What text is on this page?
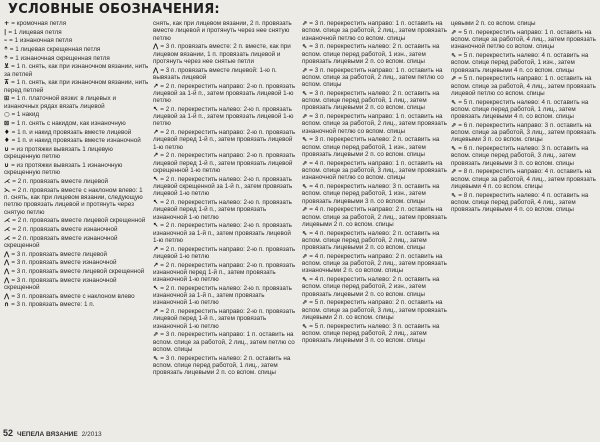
УСЛОВНЫЕ ОБОЗНАЧЕНИЯ:

+ = кромочная петля

| = 1 лицевая петля

– = 1 изнаночная петля

ᛜ = 1 лицевая скрещенная петля

ᛜ = 1 изнаночная скрещенная петля

⊻ = 1 п. снять, как при изнаночном вязании, нить за петлей

⊼ = 1 п. снять, как при изнаночном вязании, нить перед петлей

⊞ = 1 п. платочной вязки: в лицевых и изнаночных рядах вязать лицевой

○ = 1 накид

⊠ = 1 п. снять с накидом, как изнаночную

♦ = 1 п. и накид провязать вместе лицевой

♦ = 1 п. и накид провязать вместе изнаночной

∪ = из протяжки вывязать 1 лицевую скрещенную петлю

∪ = из протяжки вывязать 1 изнаночную скрещенную петлю

⋌ = 2 п. провязать вместе лицевой

⋋ = 2 п. провязать вместе с наклоном влево: 1 п. снять, как при лицевом вязании, следующую петлю провязать лицевой и протянуть через снятую петлю

⋌ = 2 п. провязать вместе лицевой скрещенной

⋌ = 2 п. провязать вместе изнаночной

⋌ = 2 п. провязать вместе изнаночной скрещенной

⋀ = 3 п. провязать вместе лицевой

⋀ = 3 п. провязать вместе изнаночной

⋀ = 3 п. провязать вместе лицевой скрещенной

⋀ = 3 п. провязать вместе изнаночной скрещенной

⋀ = 3 п. провязать вместе с наклоном влево

∩ = 3 п. провязать вместе: 1 п.

снять, как при лицевом вязании, 2 п. провязать вместе лицевой и протянуть через нее снятую петлю

⋀ = 3 п. провязать вместе: 2 п. вместе, как при лицевом вязании, 1 п. провязать лицевой и протянуть через нее снятые петли

⋀ = 3 п. провязать вместе лицевой: 1-ю п. вывязать лицевой

↗ = 2 п. перекрестить направо: 2-ю п. провязать лицевой за 1-й п., затем провязать лицевой 1-ю петлю

↖ = 2 п. перекрестить налево: 2-ю п. провязать лицевой за 1-й п., затем провязать лицевой 1-ю петлю

↗ = 2 п. перекрестить направо: 2-ю п. провязать лицевой перед 1-й п., затем провязать лицевой 1-ю петлю

↗ = 2 п. перекрестить направо: 2-ю п. провязать лицевой перед 1-й п., затем провязать лицевой скрещенной 1-ю петлю

↖ = 2 п. перекрестить налево: 2-ю п. провязать лицевой скрещенной за 1-й п., затем провязать лицевой 1-ю петлю

↖ = 2 п. перекрестить налево: 2-ю п. провязать лицевой перед 1-й п., затем провязать изнаночной 1-ю петлю

↖ = 2 п. перекрестить налево: 2-ю п. провязать изнаночной за 1-й п., затем провязать лицевой 1-ю петлю

↗ = 2 п. перекрестить направо: 2-ю п. провязать лицевой 1-ю петлю

↗ = 2 п. перекрестить направо: 2-ю п. провязать изнаночной перед 1-й п., затем провязать изнаночной 1-ю петлю

↖ = 2 п. перекрестить налево: 2-ю п. провязать изнаночной за 1-й п., затем провязать изнаночной 1-ю петлю

↗ = 2 п. перекрестить направо: 2-ю п. провязать лицевой перед 1-й п., затем провязать изнаночной 1-ю петлю

⇗ = 3 п. перекрестить направо: 1 п. оставить на вспом. спице за работой, 2 лиц., затем петлю со вспом. спицы

⇖ = 3 п. перекрестить налево: 2 п. оставить на вспом. спице перед работой, 1 лиц., затем провязать лицевыми 2 п. со вспом. спицы

⇗ = 3 п. перекрестить направо: 1 п. оставить на вспом. спице за работой, 2 лиц., затем провязать изнаночной петлю со вспом. спицы

⇖ = 3 п. перекрестить налево: 2 п. оставить на вспом. спице перед работой, 1 изн., затем провязать лицевыми 2 п. со вспом. спицы

⇗ = 3 п. перекрестить направо: 1 п. оставить на вспом. спице за работой, 2 лиц., затем петлю со вспом. спицы

⇖ = 3 п. перекрестить налево: 2 п. оставить на вспом. спице перед работой, 1 лиц., затем провязать лицевыми 2 п. со вспом. спицы

⇗ = 3 п. перекрестить направо: 1 п. оставить на вспом. спице за работой, 2 лиц., затем провязать изнаночной петлю со вспом. спицы

⇖ = 3 п. перекрестить налево: 2 п. оставить на вспом. спице перед работой, 1 изн., затем провязать лицевыми 2 п. со вспом. спицы

⇗ = 4 п. перекрестить направо: 1 п. оставить на вспом. спице за работой, 3 лиц., затем провязать изнаночной петлю со вспом. спицы

⇖ = 4 п. перекрестить налево: 3 п. оставить на вспом. спице перед работой, 1 изн., затем провязать лицевыми 3 п. со вспом. спицы

⇗ = 4 п. перекрестить направо: 2 п. оставить на вспом. спице за работой, 2 лиц., затем провязать лицевыми 2 п. со вспом. спицы

⇖ = 4 п. перекрестить налево: 2 п. оставить на вспом. спице перед работой, 2 лиц., затем провязать лицевыми 2 п. со вспом. спицы

⇗ = 4 п. перекрестить направо: 2 п. оставить на вспом. спице за работой, 2 лиц., затем провязать изнаночными 2 п. со вспом. спицы

⇖ = 4 п. перекрестить налево: 2 п. оставить на вспом. спице перед работой, 2 изн., затем провязать лицевыми 2 п. со вспом. спицы

⇗ = 5 п. перекрестить направо: 2 п. оставить на вспом. спице за работой, 3 лиц., затем провязать лицевыми 2 п. со вспом. спицы

⇖ = 5 п. перекрестить налево: 3 п. оставить на вспом. спице перед работой, 2 лиц., затем провязать лицевыми 3 п. со вспом. спицы

цевыми 2 п. со вспом. спицы

⇗ = 5 п. перекрестить направо: 1 п. оставить на вспом. спице за работой, 4 лиц., затем провязать изнаночной петлю со вспом. спицы

⇖ = 5 п. перекрестить налево: 4 п. оставить на вспом. спице перед работой, 1 изн., затем провязать лицевыми 4 п. со вспом. спицы

⇗ = 5 п. перекрестить направо: 1 п. оставить на вспом. спице за работой, 4 лиц., затем провязать лицевой петлю со вспом. спицы

⇖ = 5 п. перекрестить налево: 4 п. оставить на вспом. спице перед работой, 1 лиц., затем провязать лицевыми 4 п. со вспом. спицы

⇗ = 6 п. перекрестить направо: 3 п. оставить на вспом. спице за работой, 3 лиц., затем провязать лицевыми 3 п. со вспом. спицы

⇖ = 6 п. перекрестить налево: 3 п. оставить на вспом. спице перед работой, 3 лиц., затем провязать лицевыми 3 п. со вспом. спицы

⇗ = 8 п. перекрестить направо: 4 п. оставить на вспом. спице за работой, 4 лиц., затем провязать лицевыми 4 п. со вспом. спицы

⇖ = 8 п. перекрестить налево: 4 п. оставить на вспом. спице перед работой, 4 лиц., затем провязать лицевыми 4 п. со вспом. спицы

52 ЧЕПЕЛА ВЯЗАНИЕ 2/2013
